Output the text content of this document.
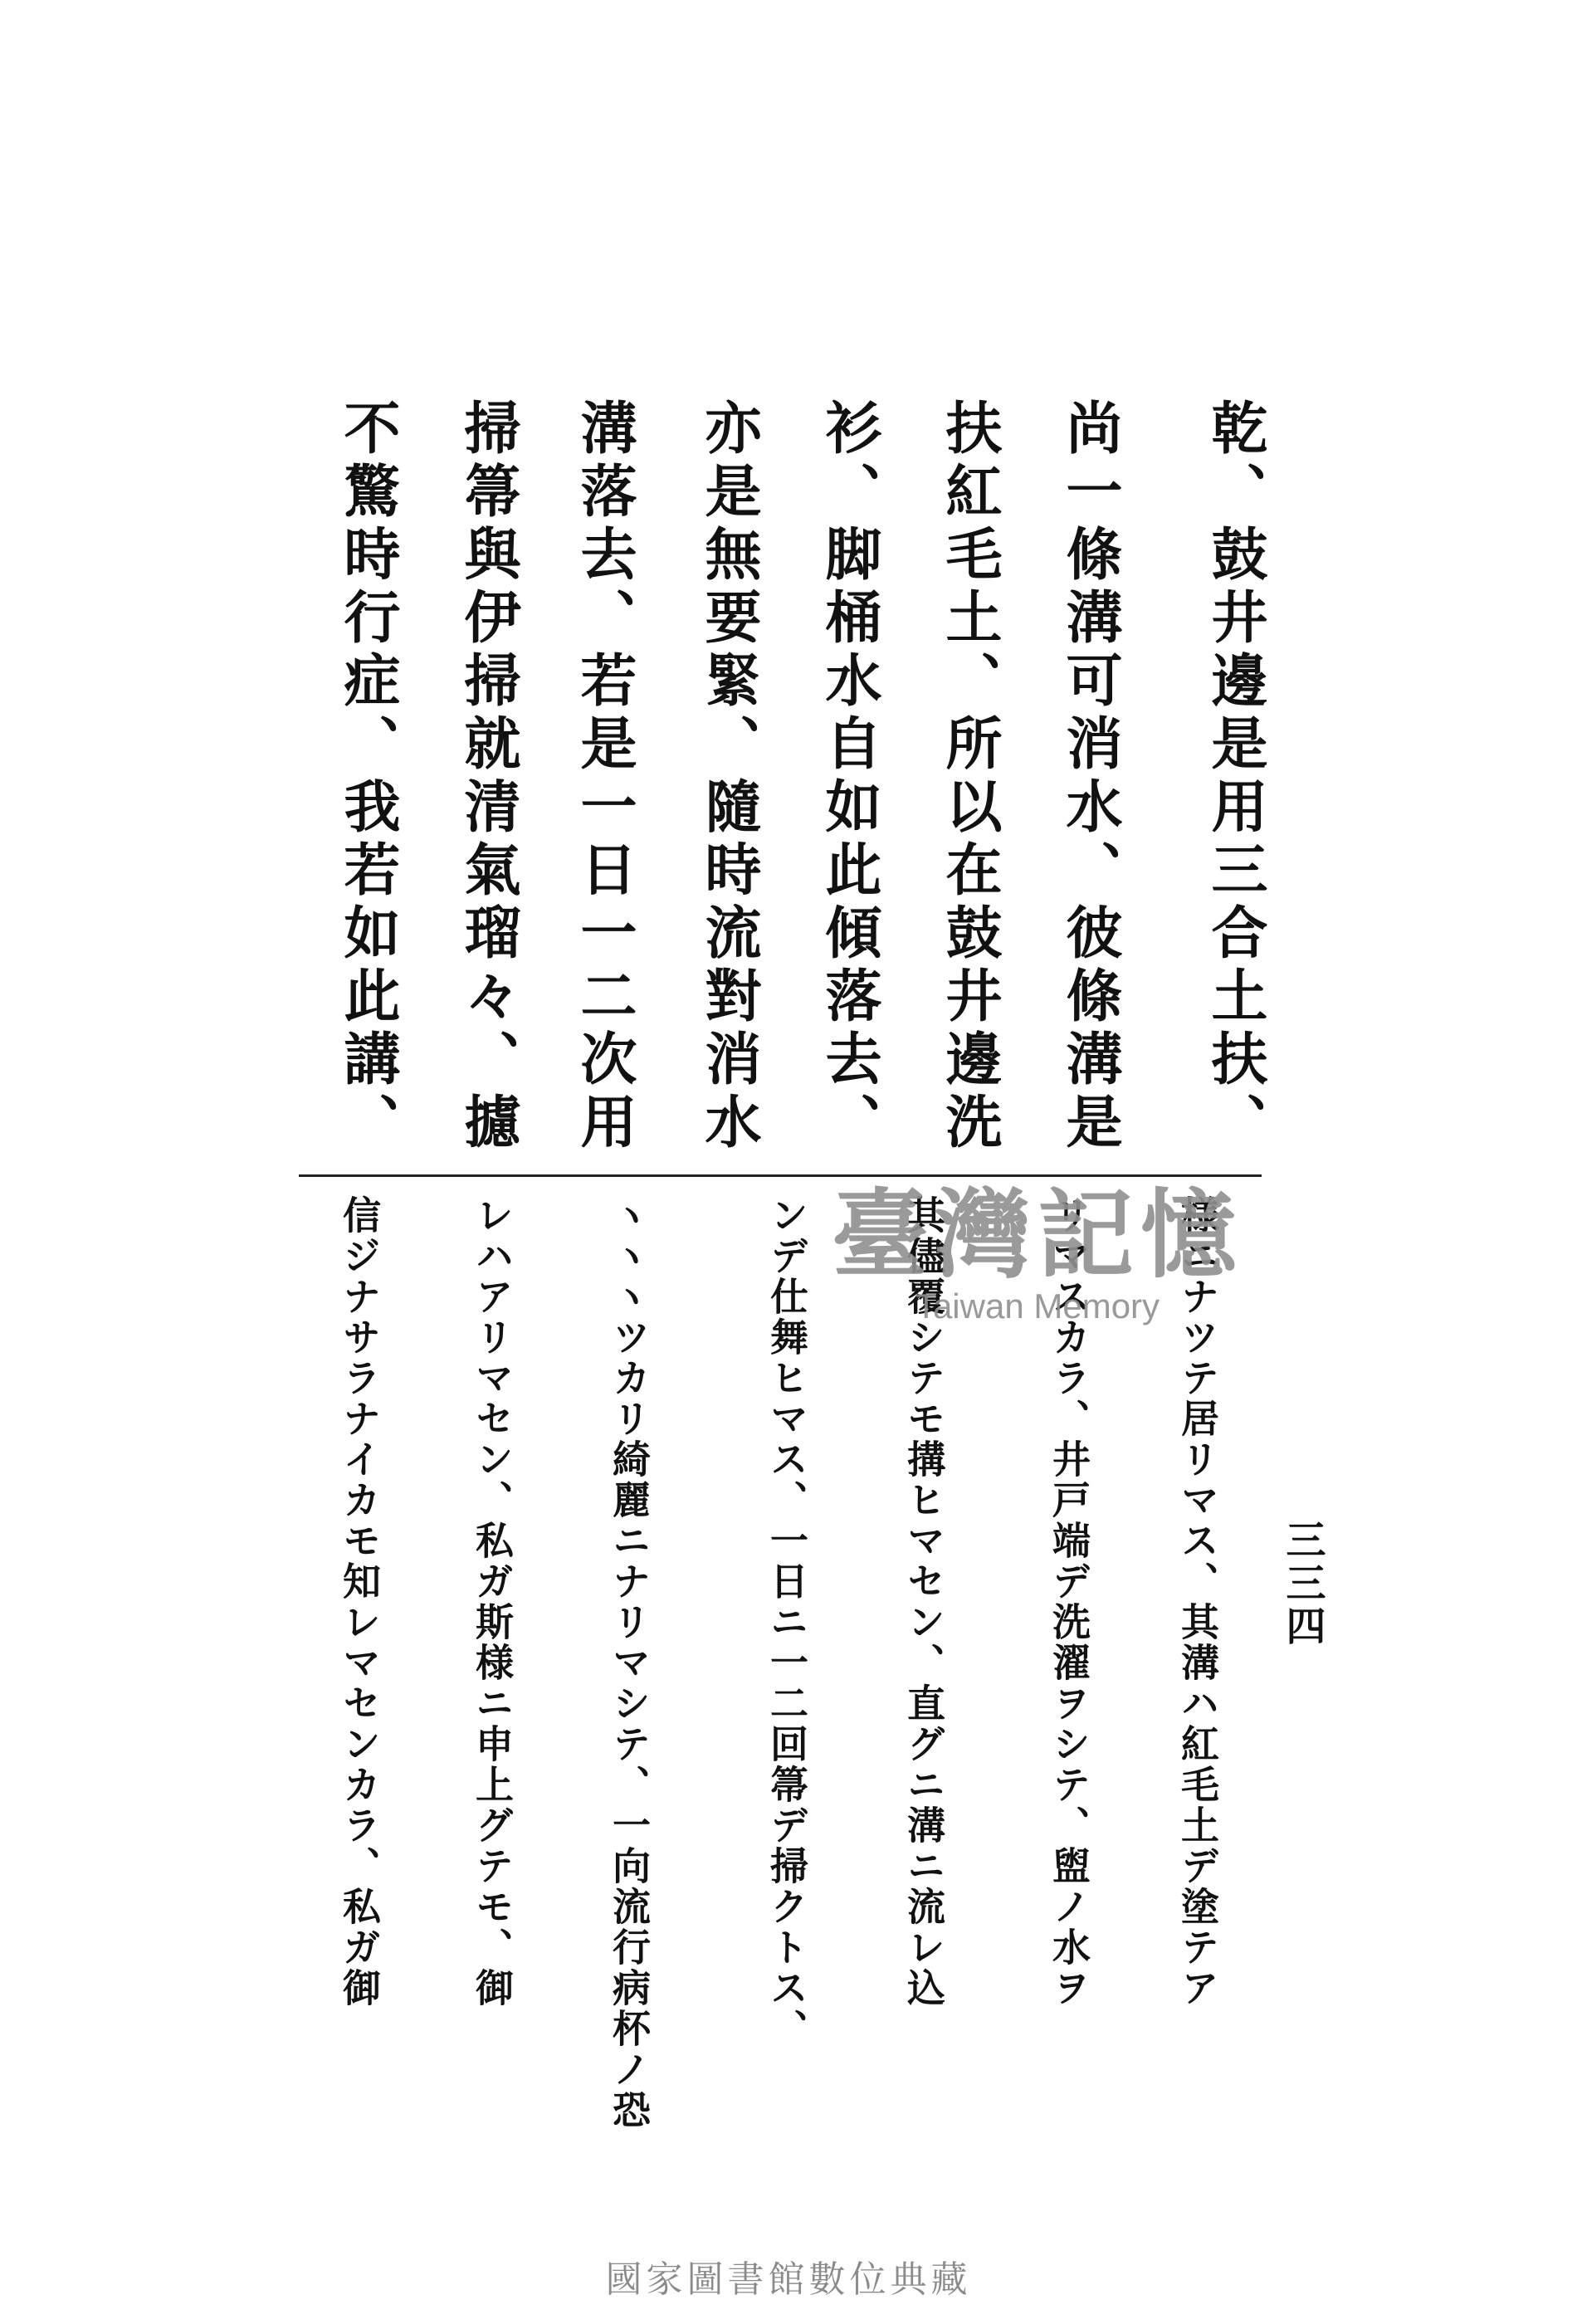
三三四
乾、鼓井邊是用三合土扶、
尚一條溝可消水、彼條溝是
扶紅毛土、所以在鼓井邊洗
衫、脚桶水自如此傾落去、
亦是無要緊、隨時流對消水
溝落去、若是一日一二次用
掃箒與伊掃就清氣瑠々、攄
不驚時行症、我若如此講、
様ニナツテ居リマス、其溝ハ紅毛土デ塗テア
リマスカラ、井戸端デ洗濯ヲシテ、盥ノ水ヲ
其儘覆シテモ搆ヒマセン、直グニ溝ニ流レ込
ンデ仕舞ヒマス、一日ニ一二回箒デ掃クトス、
ヽヽヽツカリ綺麗ニナリマシテ、一向流行病杯ノ恐
レハアリマセン、私ガ斯様ニ申上グテモ、御
信ジナサラナイカモ知レマセンカラ、私ガ御	臺灣記憶
Taiwan Memory
國家圖書館數位典藏
